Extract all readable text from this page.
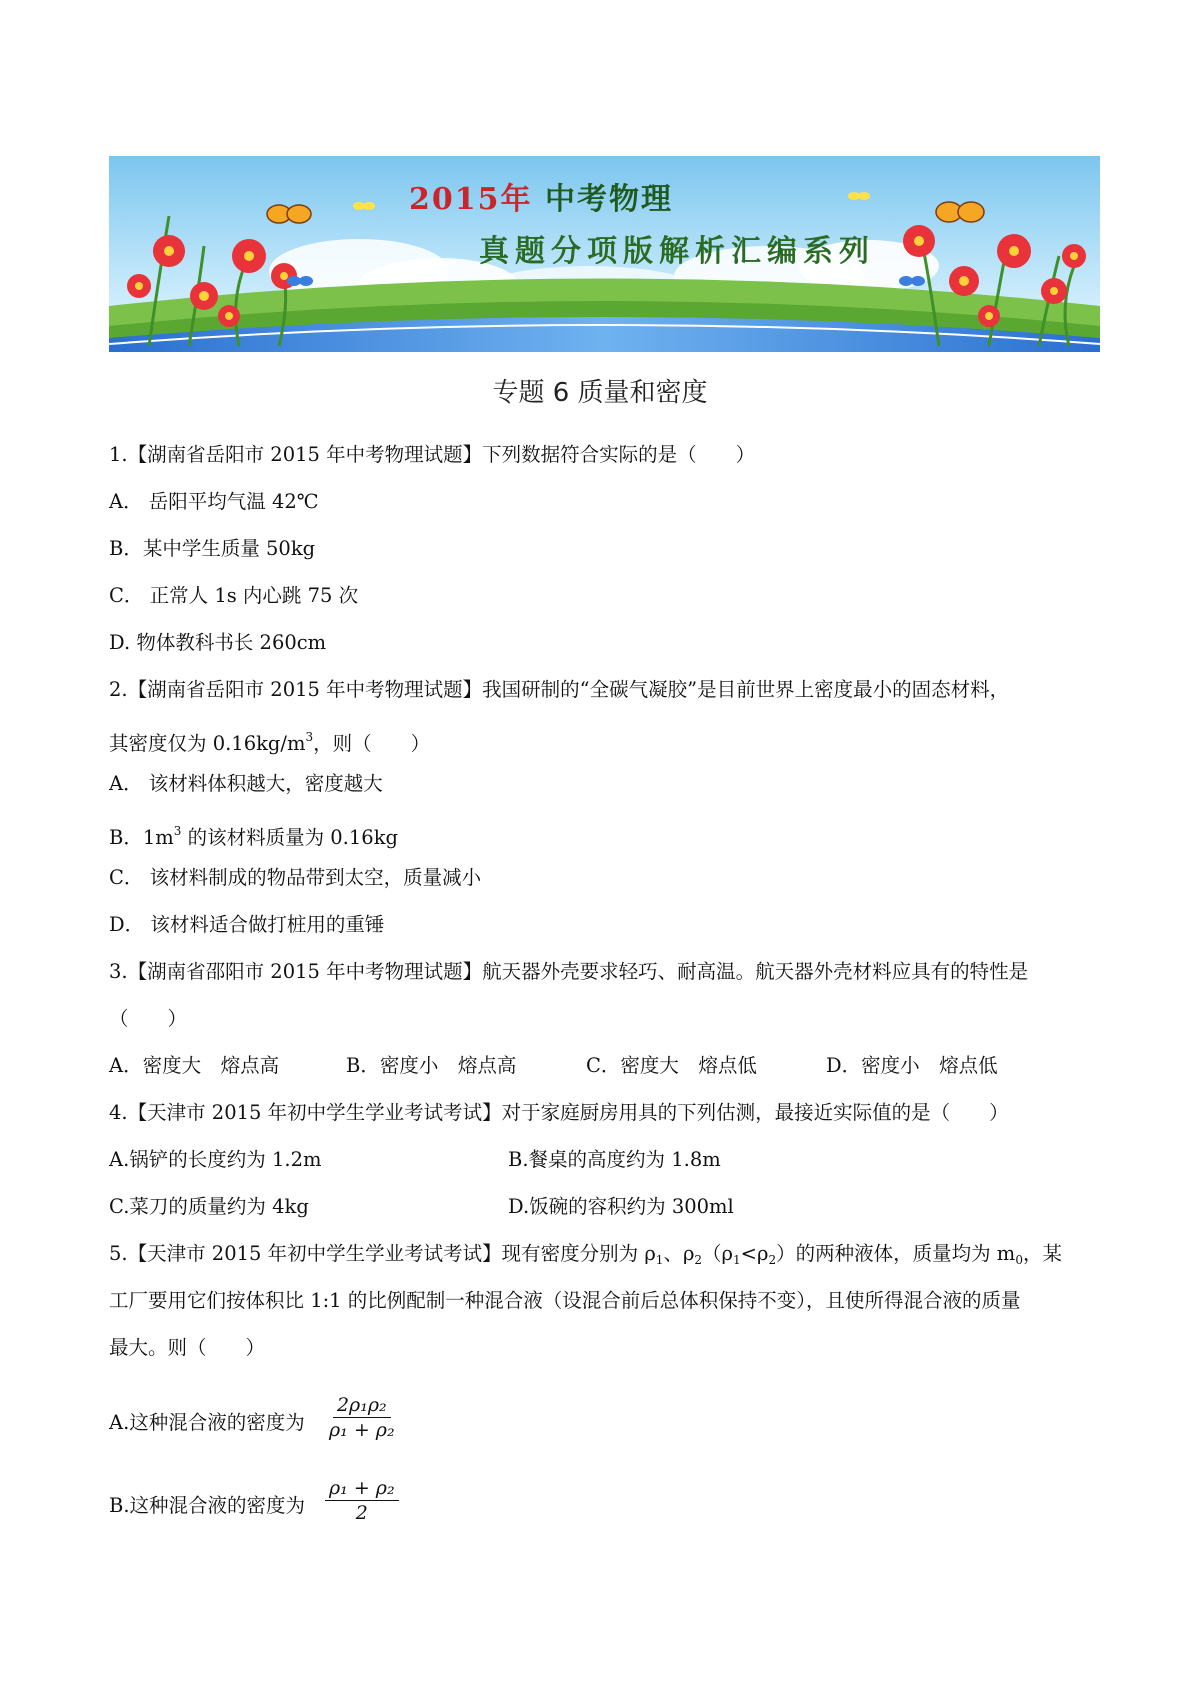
2015年 中考物理
真题分项版解析汇编系列
专题 6 质量和密度
1.【湖南省岳阳市 2015 年中考物理试题】下列数据符合实际的是（　　）
A． 岳阳平均气温 42℃
B．某中学生质量 50kg
C． 正常人 1s 内心跳 75 次
D. 物体教科书长 260cm
2.【湖南省岳阳市 2015 年中考物理试题】我国研制的“全碳气凝胶”是目前世界上密度最小的固态材料，
其密度仅为 $0.16kg/m^3$，则（　　）
A． 该材料体积越大，密度越大
B．$1m^3$ 的该材料质量为 0.16kg
C． 该材料制成的物品带到太空，质量减小
D． 该材料适合做打桩用的重锤
3.【湖南省邵阳市 2015 年中考物理试题】航天器外壳要求轻巧、耐高温。航天器外壳材料应具有的特性是
（　　）
A．密度大　熔点高	B．密度小　熔点高	C．密度大　熔点低	D．密度小　熔点低
4.【天津市 2015 年初中学生学业考试考试】对于家庭厨房用具的下列估测，最接近实际值的是（　　）
A.锅铲的长度约为 1.2m	B.餐桌的高度约为 1.8m
C.菜刀的质量约为 4kg	D.饭碗的容积约为 300ml
5.【天津市 2015 年初中学生学业考试考试】现有密度分别为 $\rho_1$、$\rho_2(\rho_1<\rho_2)$的两种液体，质量均为 $m_0$，某
工厂要用它们按体积比 1:1 的比例配制一种混合液（设混合前后总体积保持不变），且使所得混合液的质量
最大。则（　　）
A.这种混合液的密度为 $\frac{\text{2ρ₁ρ₂}}{\text{ρ₁ + ρ₂}}$
B.这种混合液的密度为 $\frac{\text{ρ₁ + ρ₂}}{2}$
